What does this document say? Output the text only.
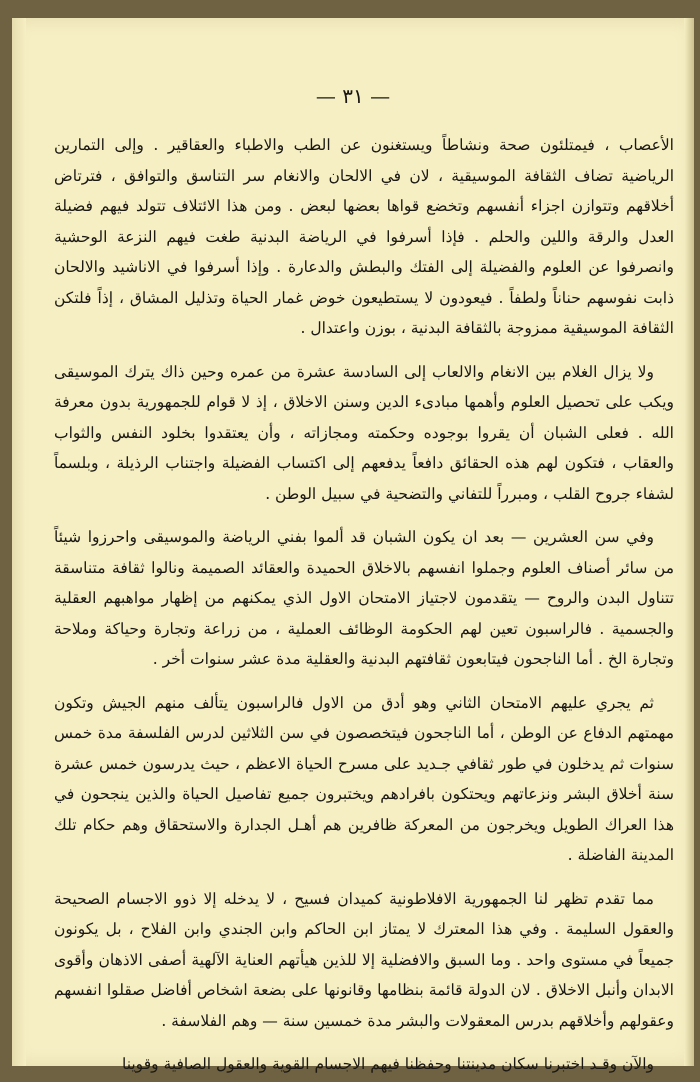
— ٣١ —

الأعصاب ، فيمتلئون صحة ونشاطاً ويستغنون عن الطب والاطباء والعقاقير . وإلى التمارين الرياضية تضاف الثقافة الموسيقية ، لان في الالحان والانغام سر التناسق والتوافق ، فترتاض أخلاقهم وتتوازن اجزاء أنفسهم وتخضع قواها بعضها لبعض . ومن هذا الائتلاف تتولد فيهم فضيلة العدل والرقة واللين والحلم . فإذا أسرفوا في الرياضة البدنية طغت فيهم النزعة الوحشية وانصرفوا عن العلوم والفضيلة إلى الفتك والبطش والدعارة . وإذا أسرفوا في الاناشيد والالحان ذابت نفوسهم حناناً ولطفاً . فيعودون لا يستطيعون خوض غمار الحياة وتذليل المشاق ، إذاً فلتكن الثقافة الموسيقية ممزوجة بالثقافة البدنية ، بوزن واعتدال .

ولا يزال الغلام بين الانغام والالعاب إلى السادسة عشرة من عمره وحين ذاك يترك الموسيقى ويكب على تحصيل العلوم وأهمها مبادىء الدين وسنن الاخلاق ، إذ لا قوام للجمهورية بدون معرفة الله . فعلى الشبان أن يقروا بوجوده وحكمته ومجازاته ، وأن يعتقدوا بخلود النفس والثواب والعقاب ، فتكون لهم هذه الحقائق دافعاً يدفعهم إلى اكتساب الفضيلة واجتناب الرذيلة ، وبلسماً لشفاء جروح القلب ، ومبرراً للتفاني والتضحية في سبيل الوطن .

وفي سن العشرين — بعد ان يكون الشبان قد ألموا بفني الرياضة والموسيقى واحرزوا شيئاً من سائر أصناف العلوم وجملوا انفسهم بالاخلاق الحميدة والعقائد الصميمة ونالوا ثقافة متناسقة تتناول البدن والروح — يتقدمون لاجتياز الامتحان الاول الذي يمكنهم من إظهار مواهبهم العقلية والجسمية . فالراسبون تعين لهم الحكومة الوظائف العملية ، من زراعة وتجارة وحياكة وملاحة وتجارة الخ . أما الناجحون فيتابعون ثقافتهم البدنية والعقلية مدة عشر سنوات أخر .

ثم يجري عليهم الامتحان الثاني وهو أدق من الاول فالراسبون يتألف منهم الجيش وتكون مهمتهم الدفاع عن الوطن ، أما الناجحون فيتخصصون في سن الثلاثين لدرس الفلسفة مدة خمس سنوات ثم يدخلون في طور ثقافي جـديد على مسرح الحياة الاعظم ، حيث يدرسون خمس عشرة سنة أخلاق البشر ونزعاتهم ويحتكون بافرادهم ويختبرون جميع تفاصيل الحياة والذين ينجحون في هذا العراك الطويل ويخرجون من المعركة ظافرين هم أهـل الجدارة والاستحقاق وهم حكام تلك المدينة الفاضلة .

مما تقدم تظهر لنا الجمهورية الافلاطونية كميدان فسيح ، لا يدخله إلا ذوو الاجسام الصحيحة والعقول السليمة . وفي هذا المعترك لا يمتاز ابن الحاكم وابن الجندي وابن الفلاح ، بل يكونون جميعاً في مستوى واحد . وما السبق والافضلية إلا للذين هيأتهم العناية الآلهية أصفى الاذهان وأقوى الابدان وأنبل الاخلاق . لان الدولة قائمة بنظامها وقانونها على بضعة اشخاص أفاضل صقلوا انفسهم وعقولهم وأخلاقهم بدرس المعقولات والبشر مدة خمسين سنة — وهم الفلاسفة .

والآن وقـد اختبرنا سكان مدينتنا وحفظنا فيهم الاجسام القوية والعقول الصافية وقوينا
